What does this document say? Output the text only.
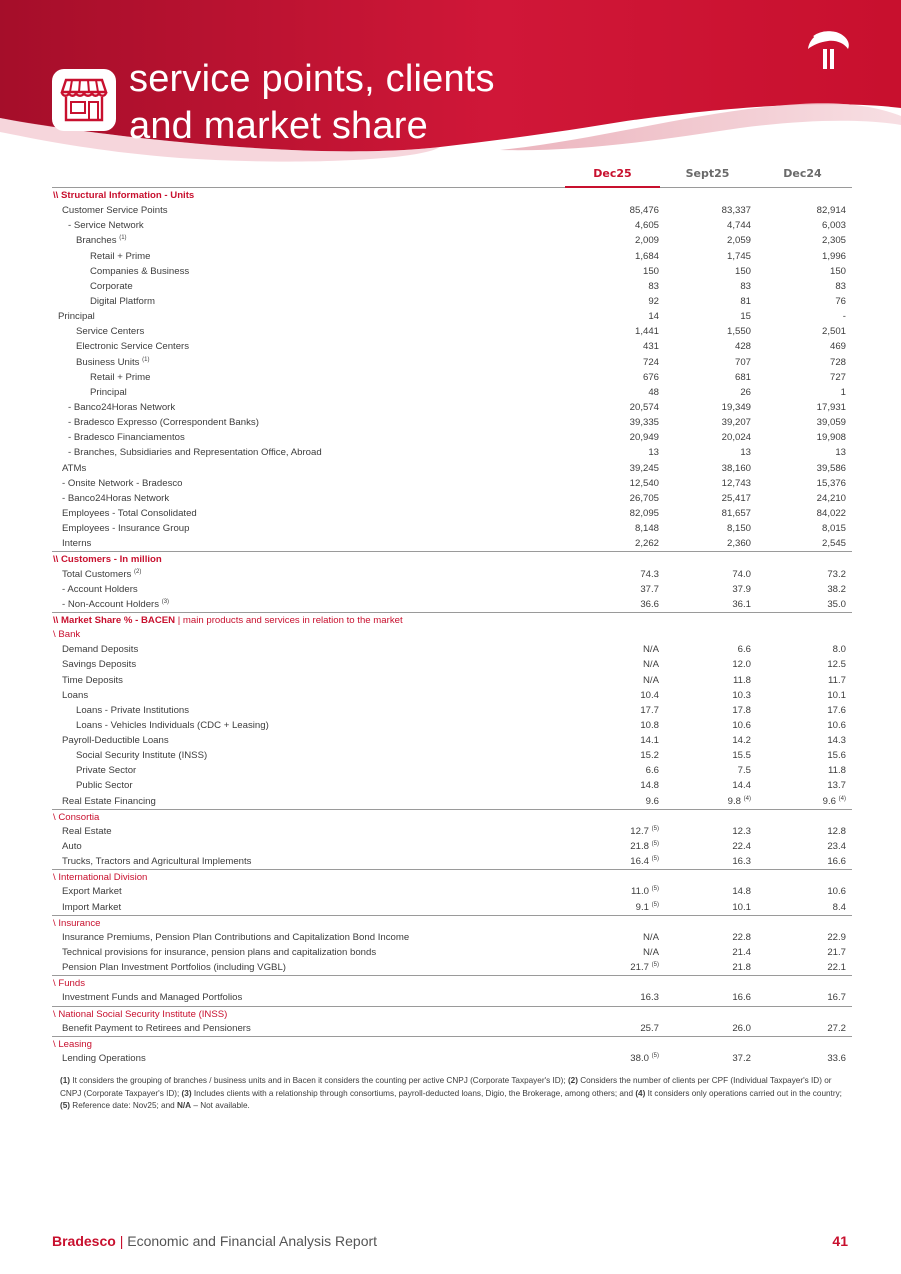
service points, clients
and market share
Dec25	Sept25	Dec24
\\ Structural Information - Units
Customer Service Points	85,476	83,337	82,914
- Service Network	4,605	4,744	6,003
Branches $^{(1)}$	2,009	2,059	2,305
Retail + Prime	1,684	1,745	1,996
Companies & Business	150	150	150
Corporate	83	83	83
Digital Platform	92	81	76
Principal	14	15	-
Service Centers	1,441	1,550	2,501
Electronic Service Centers	431	428	469
Business Units $^{(1)}$	724	707	728
Retail + Prime	676	681	727
Principal	48	26	1
- Banco24Horas Network	20,574	19,349	17,931
- Bradesco Expresso (Correspondent Banks)	39,335	39,207	39,059
- Bradesco Financiamentos	20,949	20,024	19,908
- Branches, Subsidiaries and Representation Office, Abroad	13	13	13
ATMs	39,245	38,160	39,586
- Onsite Network - Bradesco	12,540	12,743	15,376
- Banco24Horas Network	26,705	25,417	24,210
Employees - Total Consolidated	82,095	81,657	84,022
Employees - Insurance Group	8,148	8,150	8,015
Interns	2,262	2,360	2,545
\\ Customers - In million
Total Customers $^{(2)}$	74.3	74.0	73.2
- Account Holders	37.7	37.9	38.2
- Non-Account Holders $^{(3)}$	36.6	36.1	35.0
\\ Market Share % - BACEN | main products and services in relation to the market
\ Bank
Demand Deposits	N/A	6.6	8.0
Savings Deposits	N/A	12.0	12.5
Time Deposits	N/A	11.8	11.7
Loans	10.4	10.3	10.1
Loans - Private Institutions	17.7	17.8	17.6
Loans - Vehicles Individuals (CDC + Leasing)	10.8	10.6	10.6
Payroll-Deductible Loans	14.1	14.2	14.3
Social Security Institute (INSS)	15.2	15.5	15.6
Private Sector	6.6	7.5	11.8
Public Sector	14.8	14.4	13.7
Real Estate Financing	9.6	9.8 $^{(4)}$	9.6 $^{(4)}$
\ Consortia
Real Estate	12.7 $^{(5)}$	12.3	12.8
Auto	21.8 $^{(5)}$	22.4	23.4
Trucks, Tractors and Agricultural Implements	16.4 $^{(5)}$	16.3	16.6
\ International Division
Export Market	11.0 $^{(5)}$	14.8	10.6
Import Market	9.1 $^{(5)}$	10.1	8.4
\ Insurance
Insurance Premiums, Pension Plan Contributions and Capitalization Bond Income	N/A	22.8	22.9
Technical provisions for insurance, pension plans and capitalization bonds	N/A	21.4	21.7
Pension Plan Investment Portfolios (including VGBL)	21.7 $^{(5)}$	21.8	22.1
\ Funds
Investment Funds and Managed Portfolios	16.3	16.6	16.7
\ National Social Security Institute (INSS)
Benefit Payment to Retirees and Pensioners	25.7	26.0	27.2
\ Leasing
Lending Operations	38.0 $^{(5)}$	37.2	33.6
(1) It considers the grouping of branches / business units and in Bacen it considers the counting per active CNPJ (Corporate Taxpayer's ID); (2) Considers the number of clients per CPF (Individual Taxpayer's ID) or CNPJ (Corporate Taxpayer's ID); (3) Includes clients with a relationship through consortiums, payroll-deducted loans, Digio, the Brokerage, among others; and (4) It considers only operations carried out in the country; (5) Reference date: Nov25; and N/A – Not available.
Bradesco | Economic and Financial Analysis Report	41
